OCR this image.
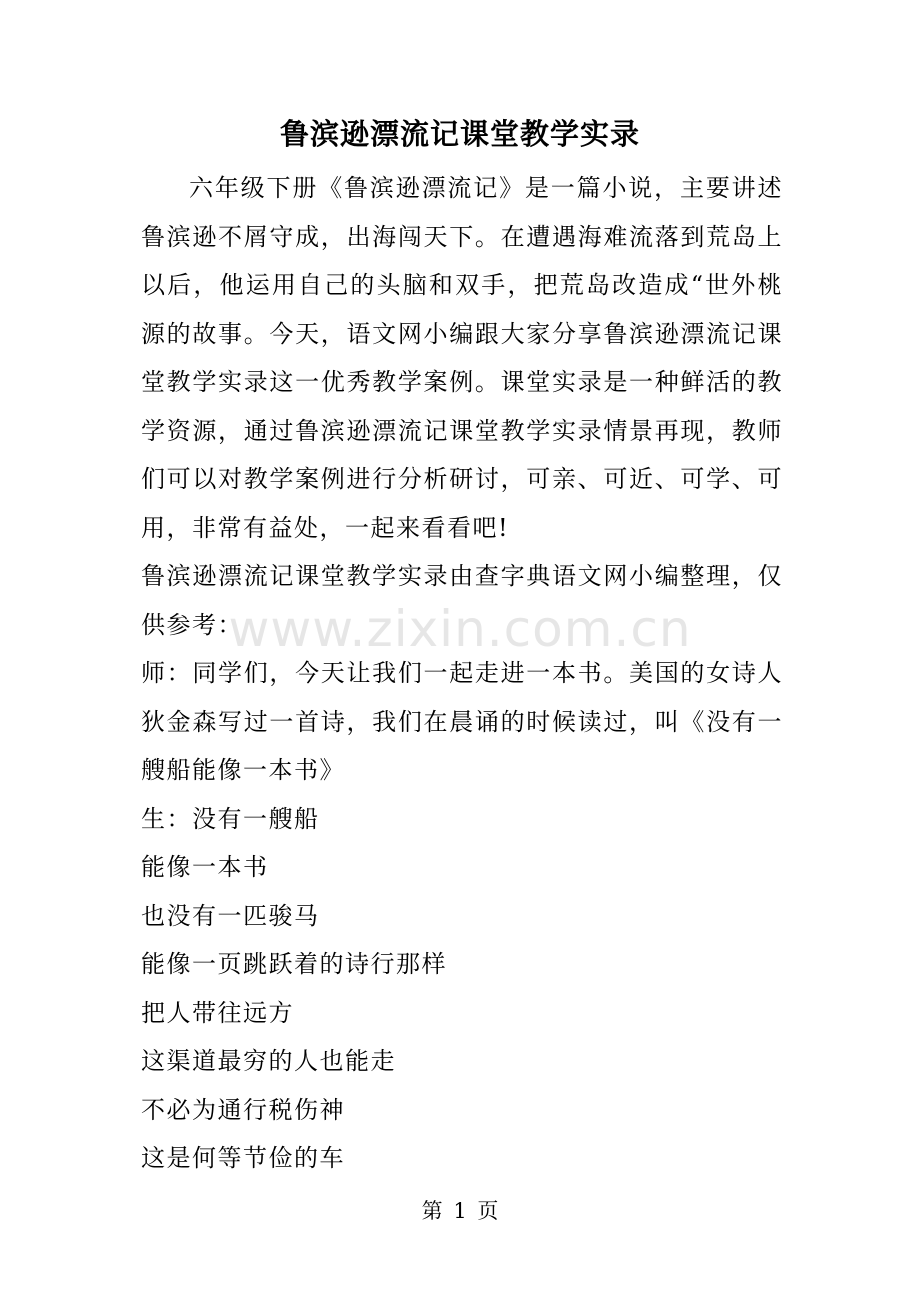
鲁滨逊漂流记课堂教学实录
www.zixin.com.cn

六年级下册《鲁滨逊漂流记》是一篇小说，主要讲述鲁滨逊不屑守成，出海闯天下。在遭遇海难流落到荒岛上以后，他运用自己的头脑和双手，把荒岛改造成“世外桃源的故事。今天，语文网小编跟大家分享鲁滨逊漂流记课堂教学实录这一优秀教学案例。课堂实录是一种鲜活的教学资源，通过鲁滨逊漂流记课堂教学实录情景再现，教师们可以对教学案例进行分析研讨，可亲、可近、可学、可用，非常有益处，一起来看看吧!

鲁滨逊漂流记课堂教学实录由查字典语文网小编整理，仅供参考：

师：同学们，今天让我们一起走进一本书。美国的女诗人狄金森写过一首诗，我们在晨诵的时候读过，叫《没有一艘船能像一本书》

生：没有一艘船

能像一本书

也没有一匹骏马

能像一页跳跃着的诗行那样

把人带往远方

这渠道最穷的人也能走

不必为通行税伤神

这是何等节俭的车

第 1 页
